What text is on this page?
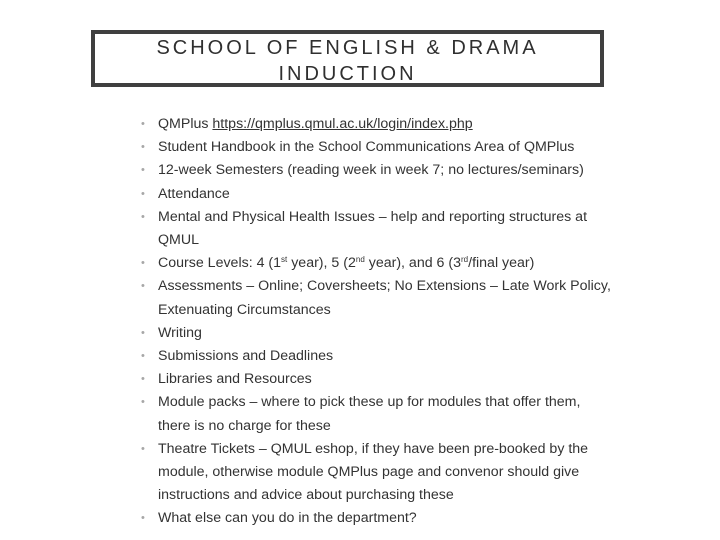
SCHOOL OF ENGLISH & DRAMA
INDUCTION
• QMPlus https://qmplus.qmul.ac.uk/login/index.php
• Student Handbook in the School Communications Area of QMPlus
• 12-week Semesters (reading week in week 7; no lectures/seminars)
• Attendance
• Mental and Physical Health Issues – help and reporting structures at
QMUL
• Course Levels: 4 (1st year), 5 (2nd year), and 6 (3rd/final year)
• Assessments – Online; Coversheets; No Extensions – Late Work Policy,
Extenuating Circumstances
• Writing
• Submissions and Deadlines
• Libraries and Resources
• Module packs – where to pick these up for modules that offer them,
there is no charge for these
• Theatre Tickets – QMUL eshop, if they have been pre-booked by the
module, otherwise module QMPlus page and convenor should give
instructions and advice about purchasing these
• What else can you do in the department?
